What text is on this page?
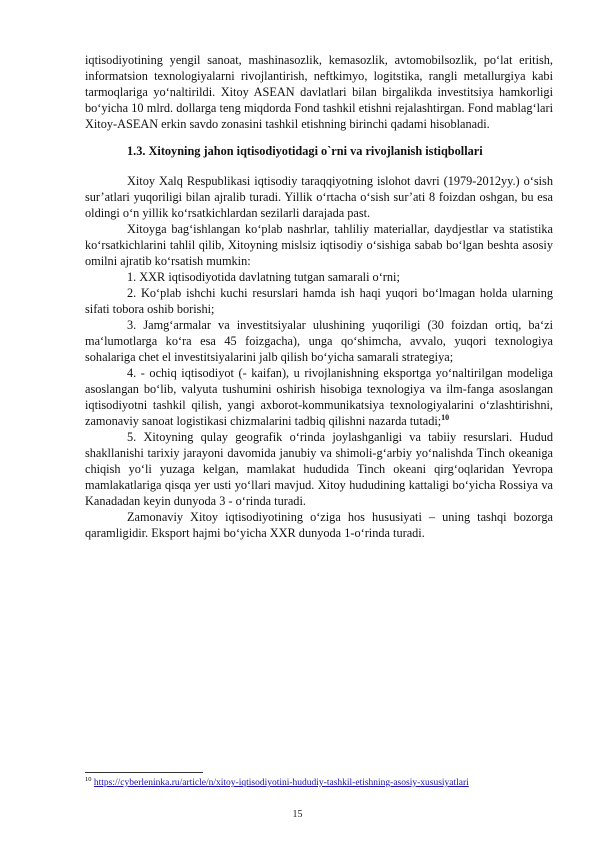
iqtisodiyotining yengil sanoat, mashinasozlik, kemasozlik, avtomobilsozlik, po‘lat eritish, informatsion texnologiyalarni rivojlantirish, neftkimyo, logitstika, rangli metallurgiya kabi tarmoqlariga yo‘naltirildi. Xitoy ASEAN davlatlari bilan birgalikda investitsiya hamkorligi bo‘yicha 10 mlrd. dollarga teng miqdorda Fond tashkil etishni rejalashtirgan. Fond mablag‘lari Xitoy-ASEAN erkin savdo zonasini tashkil etishning birinchi qadami hisoblanadi.

1.3. Xitoyning jahon iqtisodiyotidagi o`rni va rivojlanish istiqbollari

Xitoy Xalq Respublikasi iqtisodiy taraqqiyotning islohot davri (1979-2012yy.) o‘sish sur’atlari yuqoriligi bilan ajralib turadi. Yillik o‘rtacha o‘sish sur’ati 8 foizdan oshgan, bu esa oldingi o‘n yillik ko‘rsatkichlardan sezilarli darajada past.

Xitoyga bag‘ishlangan ko‘plab nashrlar, tahliliy materiallar, daydjestlar va statistika ko‘rsatkichlarini tahlil qilib, Xitoyning mislsiz iqtisodiy o‘sishiga sabab bo‘lgan beshta asosiy omilni ajratib ko‘rsatish mumkin:

1. XXR iqtisodiyotida davlatning tutgan samarali o‘rni;

2. Ko‘plab ishchi kuchi resurslari hamda ish haqi yuqori bo‘lmagan holda ularning sifati tobora oshib borishi;

3. Jamg‘armalar va investitsiyalar ulushining yuqoriligi (30 foizdan ortiq, ba‘zi ma‘lumotlarga ko‘ra esa 45 foizgacha), unga qo‘shimcha, avvalo, yuqori texnologiya sohalariga chet el investitsiyalarini jalb qilish bo‘yicha samarali strategiya;

4. - ochiq iqtisodiyot (- kaifan), u rivojlanishning eksportga yo‘naltirilgan modeliga asoslangan bo‘lib, valyuta tushumini oshirish hisobiga texnologiya va ilm-fanga asoslangan iqtisodiyotni tashkil qilish, yangi axborot-kommunikatsiya texnologiyalarini o‘zlashtirishni, zamonaviy sanoat logistikasi chizmalarini tadbiq qilishni nazarda tutadi;$^{10}$

5. Xitoyning qulay geografik o‘rinda joylashganligi va tabiiy resurslari. Hudud shakllanishi tarixiy jarayoni davomida janubiy va shimoli-g‘arbiy yo‘nalishda Tinch okeaniga chiqish yo‘li yuzaga kelgan, mamlakat hududida Tinch okeani qirg‘oqlaridan Yevropa mamlakatlariga qisqa yer usti yo‘llari mavjud. Xitoy hududining kattaligi bo‘yicha Rossiya va Kanadadan keyin dunyoda 3 - o‘rinda turadi.

Zamonaviy Xitoy iqtisodiyotining o‘ziga hos hususiyati – uning tashqi bozorga qaramligidir. Eksport hajmi bo‘yicha XXR dunyoda 1-o‘rinda turadi.

$^{10}$ https://cyberleninka.ru/article/n/xitoy-iqtisodiyotini-hududiy-tashkil-etishning-asosiy-xususiyatlari
15
